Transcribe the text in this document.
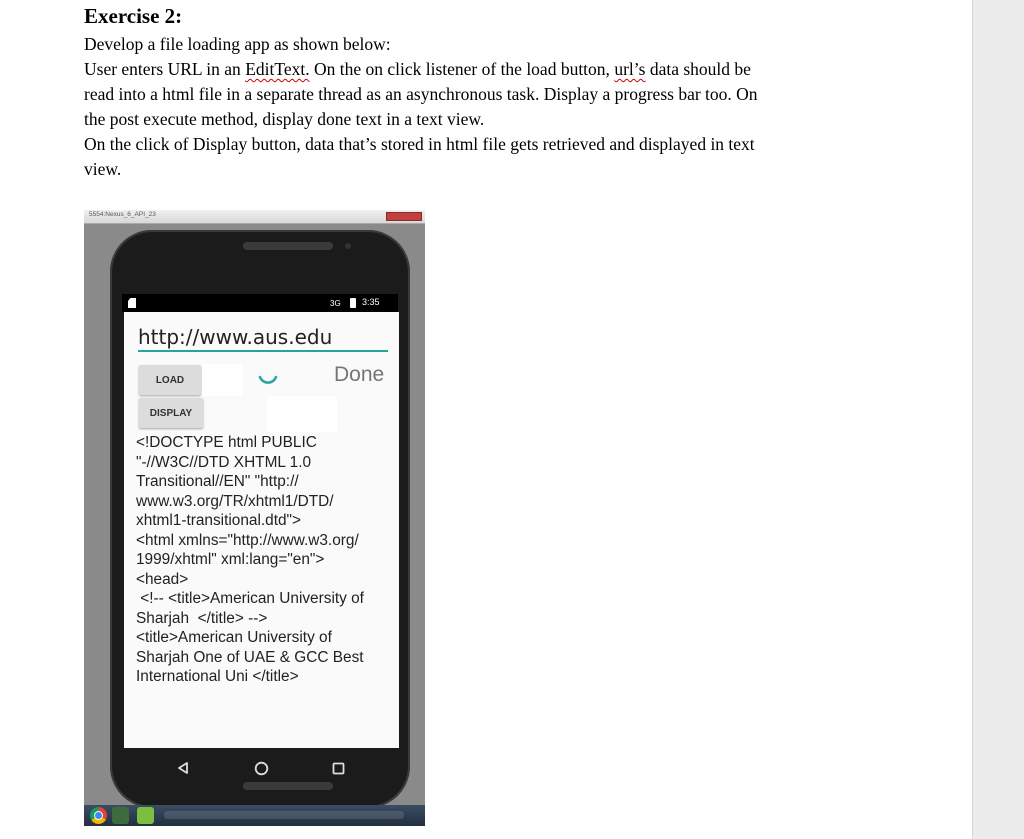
Exercise 2:

Develop a file loading app as shown below:

User enters URL in an EditText. On the on click listener of the load button, url’s data should be

read into a html file in a separate thread as an asynchronous task. Display a progress bar too. On

the post execute method, display done text in a text view.

On the click of Display button, data that’s stored in html file gets retrieved and displayed in text

view.

5554:Nexus_6_API_23
3G 3:35
http://www.aus.edu
LOAD	Done
DISPLAY

<!DOCTYPE html PUBLIC

"-//W3C//DTD XHTML 1.0

Transitional//EN" "http://

www.w3.org/TR/xhtml1/DTD/

xhtml1-transitional.dtd">

<html xmlns="http://www.w3.org/

1999/xhtml" xml:lang="en">

<head>

<!-- <title>American University of

Sharjah  </title> -->

<title>American University of

Sharjah One of UAE & GCC Best

International Uni </title>
